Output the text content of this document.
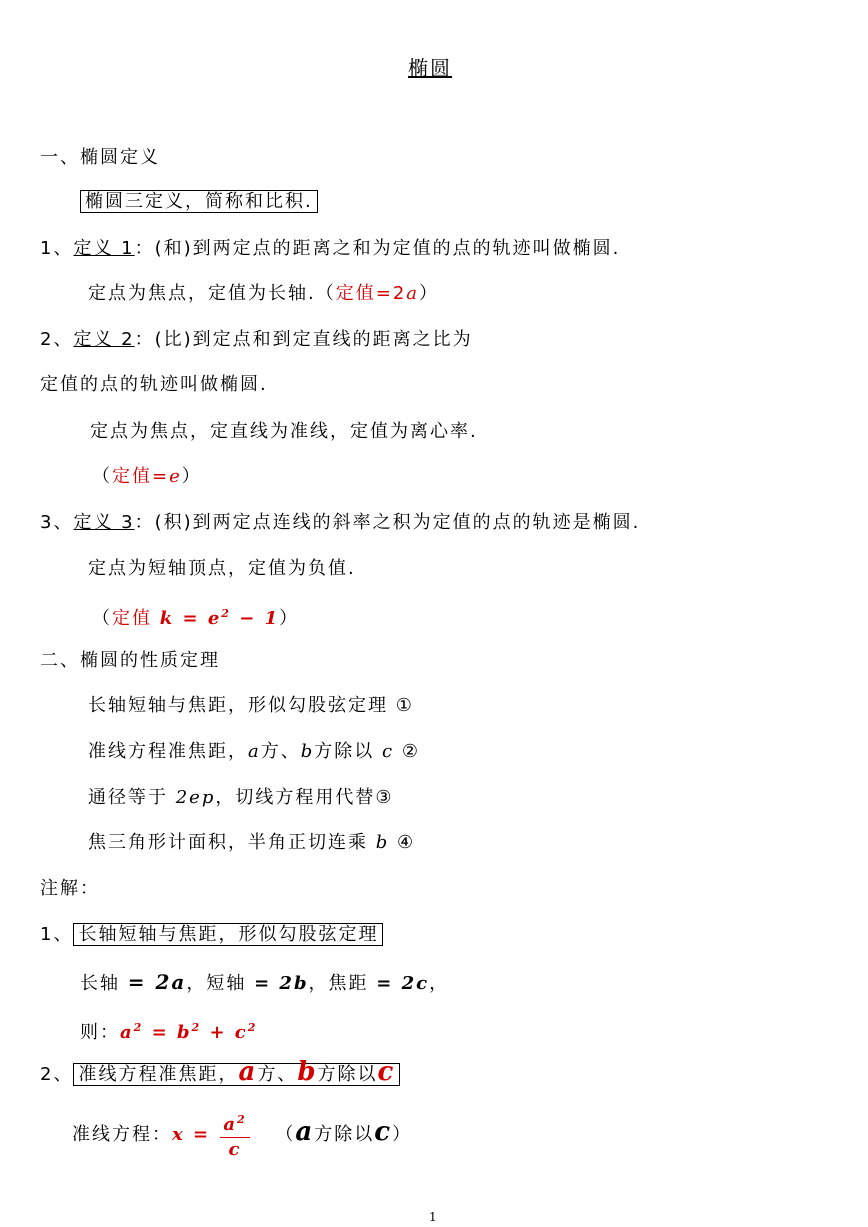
椭圆
一、椭圆定义
椭圆三定义，简称和比积.
1、定义 1：(和)到两定点的距离之和为定值的点的轨迹叫做椭圆.
定点为焦点，定值为长轴.（定值=2a）
2、定义 2：(比)到定点和到定直线的距离之比为
定值的点的轨迹叫做椭圆.
定点为焦点，定直线为准线，定值为离心率.
（定值=e）
3、定义 3：(积)到两定点连线的斜率之积为定值的点的轨迹是椭圆.
定点为短轴顶点，定值为负值.
（定值 $k = e^2 - 1$）
二、椭圆的性质定理
长轴短轴与焦距，形似勾股弦定理 ①
准线方程准焦距，a方、b方除以 c ②
通径等于 2ep，切线方程用代替③
焦三角形计面积，半角正切连乘 b ④
注解：
1、 长轴短轴与焦距，形似勾股弦定理
长轴 = 2a，短轴 = 2b，焦距 = 2c，
则：$a^2 = b^2 + c^2$
2、 准线方程准焦距，a方、b方除以c
准线方程：$x = \frac{a^2}{c} (a$方除以c）
1
